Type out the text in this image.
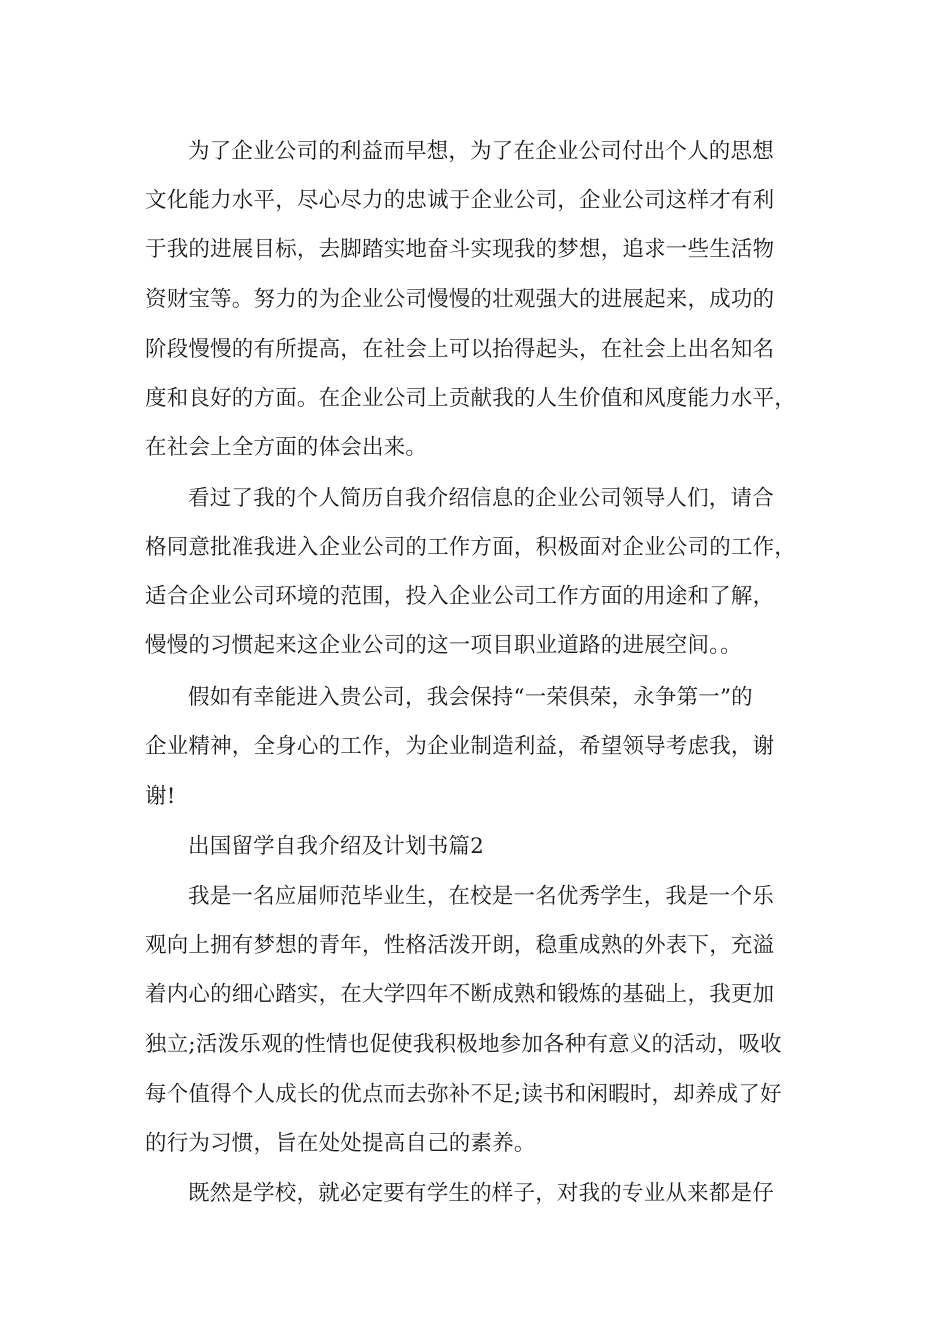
为了企业公司的利益而早想，为了在企业公司付出个人的思想
文化能力水平，尽心尽力的忠诚于企业公司，企业公司这样才有利
于我的进展目标，去脚踏实地奋斗实现我的梦想，追求一些生活物
资财宝等。努力的为企业公司慢慢的壮观强大的进展起来，成功的
阶段慢慢的有所提高，在社会上可以抬得起头，在社会上出名知名
度和良好的方面。在企业公司上贡献我的人生价值和风度能力水平，
在社会上全方面的体会出来。
看过了我的个人简历自我介绍信息的企业公司领导人们，请合
格同意批准我进入企业公司的工作方面，积极面对企业公司的工作，
适合企业公司环境的范围，投入企业公司工作方面的用途和了解，
慢慢的习惯起来这企业公司的这一项目职业道路的进展空间。。
假如有幸能进入贵公司，我会保持“一荣俱荣，永争第一”的
企业精神，全身心的工作，为企业制造利益，希望领导考虑我，谢
谢!
出国留学自我介绍及计划书篇2
我是一名应届师范毕业生，在校是一名优秀学生，我是一个乐
观向上拥有梦想的青年，性格活泼开朗，稳重成熟的外表下，充溢
着内心的细心踏实，在大学四年不断成熟和锻炼的基础上，我更加
独立;活泼乐观的性情也促使我积极地参加各种有意义的活动，吸收
每个值得个人成长的优点而去弥补不足;读书和闲暇时，却养成了好
的行为习惯，旨在处处提高自己的素养。
既然是学校，就必定要有学生的样子，对我的专业从来都是仔
